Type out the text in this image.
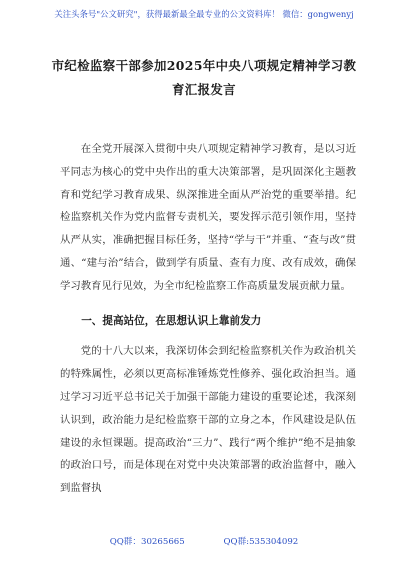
关注头条号"公文研究"，获得最新最全最专业的公文资料库！ 微信：gongwenyj
市纪检监察干部参加2025年中央八项规定精神学习教育汇报发言

在全党开展深入贯彻中央八项规定精神学习教育，是以习近平同志为核心的党中央作出的重大决策部署，是巩固深化主题教育和党纪学习教育成果、纵深推进全面从严治党的重要举措。纪检监察机关作为党内监督专责机关，要发挥示范引领作用，坚持从严从实，准确把握目标任务，坚持“学与干”并重、“查与改”贯通、“建与治”结合，做到学有质量、查有力度、改有成效，确保学习教育见行见效，为全市纪检监察工作高质量发展贡献力量。

一、提高站位，在思想认识上靠前发力

党的十八大以来，我深切体会到纪检监察机关作为政治机关的特殊属性，必须以更高标准锤炼党性修养、强化政治担当。通过学习习近平总书记关于加强干部能力建设的重要论述，我深刻认识到，政治能力是纪检监察干部的立身之本，作风建设是队伍建设的永恒课题。提高政治“三力”、践行“两个维护”绝不是抽象的政治口号，而是体现在对党中央决策部署的政治监督中，融入到监督执

QQ群：30265665	QQ群:535304092
